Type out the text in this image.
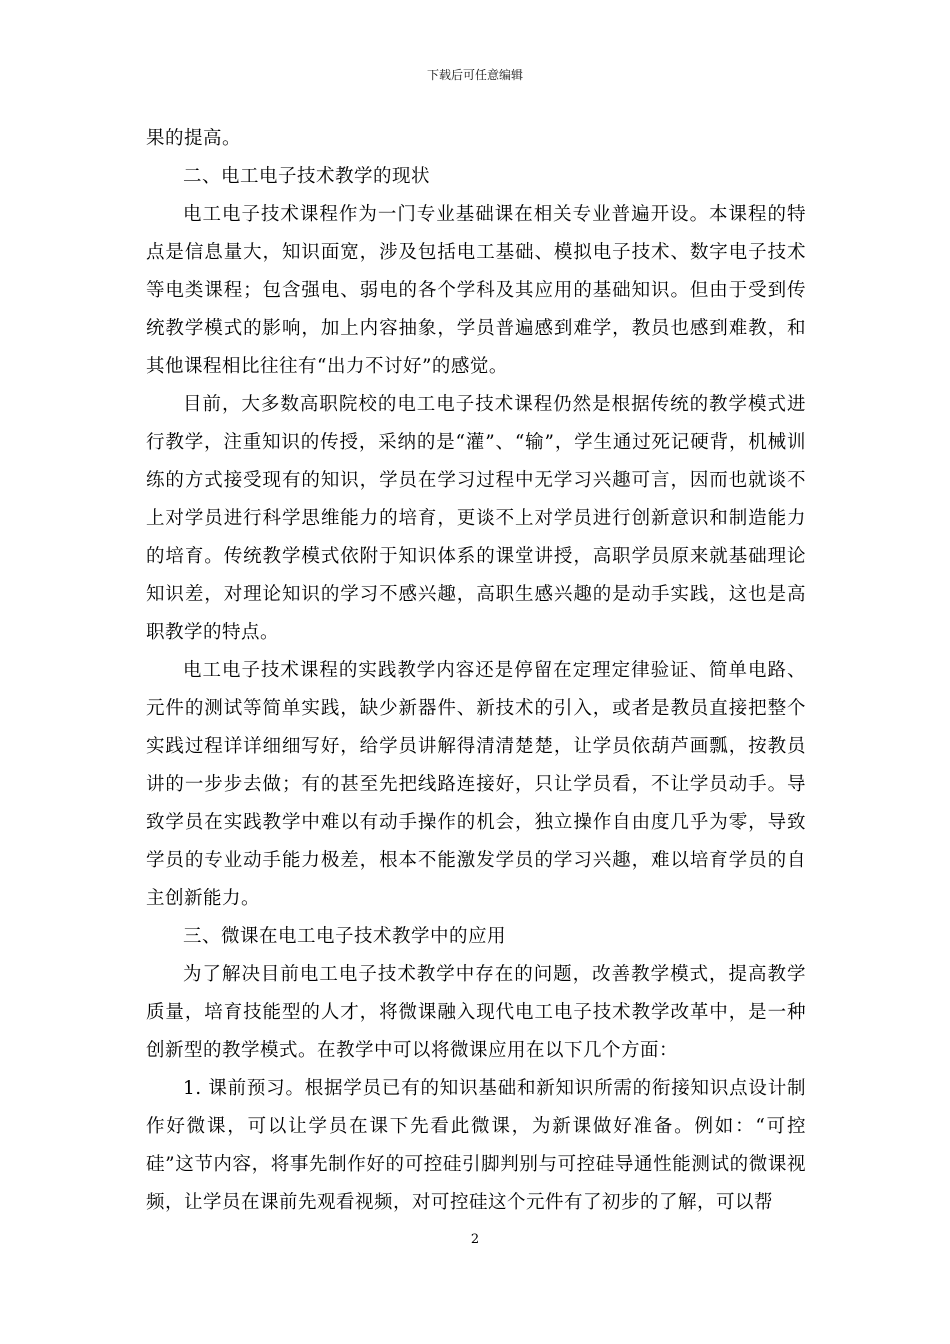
下载后可任意编辑

果的提高。

二、电工电子技术教学的现状

电工电子技术课程作为一门专业基础课在相关专业普遍开设。本课程的特点是信息量大，知识面宽，涉及包括电工基础、模拟电子技术、数字电子技术等电类课程；包含强电、弱电的各个学科及其应用的基础知识。但由于受到传统教学模式的影响，加上内容抽象，学员普遍感到难学，教员也感到难教，和其他课程相比往往有“出力不讨好”的感觉。

目前，大多数高职院校的电工电子技术课程仍然是根据传统的教学模式进行教学，注重知识的传授，采纳的是“灌”、“输”，学生通过死记硬背，机械训练的方式接受现有的知识，学员在学习过程中无学习兴趣可言，因而也就谈不上对学员进行科学思维能力的培育，更谈不上对学员进行创新意识和制造能力的培育。传统教学模式依附于知识体系的课堂讲授，高职学员原来就基础理论知识差，对理论知识的学习不感兴趣，高职生感兴趣的是动手实践，这也是高职教学的特点。

电工电子技术课程的实践教学内容还是停留在定理定律验证、简单电路、元件的测试等简单实践，缺少新器件、新技术的引入，或者是教员直接把整个实践过程详详细细写好，给学员讲解得清清楚楚，让学员依葫芦画瓢，按教员讲的一步步去做；有的甚至先把线路连接好，只让学员看，不让学员动手。导致学员在实践教学中难以有动手操作的机会，独立操作自由度几乎为零，导致学员的专业动手能力极差，根本不能激发学员的学习兴趣，难以培育学员的自主创新能力。

三、微课在电工电子技术教学中的应用

为了解决目前电工电子技术教学中存在的问题，改善教学模式，提高教学质量，培育技能型的人才，将微课融入现代电工电子技术教学改革中，是一种创新型的教学模式。在教学中可以将微课应用在以下几个方面：

1. 课前预习。根据学员已有的知识基础和新知识所需的衔接知识点设计制作好微课，可以让学员在课下先看此微课，为新课做好准备。例如：“可控硅”这节内容，将事先制作好的可控硅引脚判别与可控硅导通性能测试的微课视频，让学员在课前先观看视频，对可控硅这个元件有了初步的了解，可以帮

2
